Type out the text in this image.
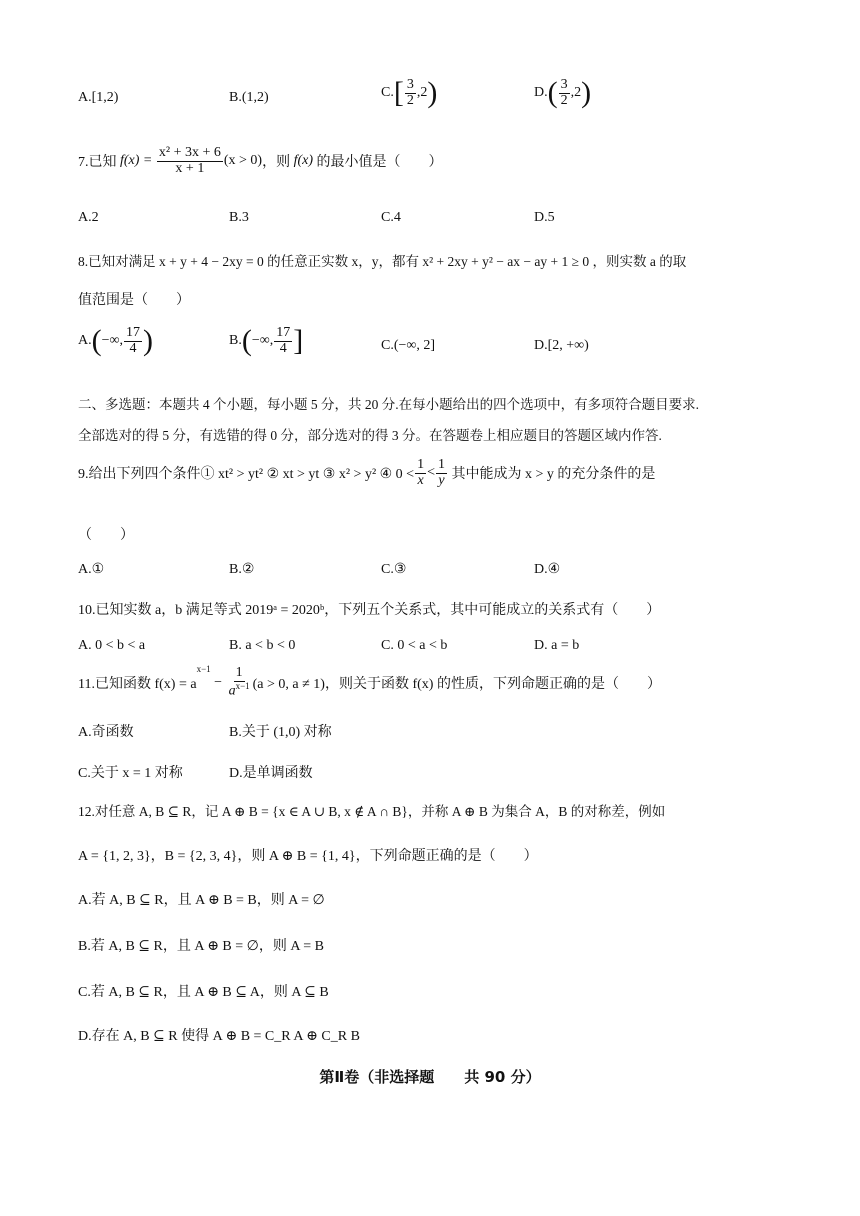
A.[1,2)	B.(1,2)	$C.[ \frac{3}{2} ,2)$	$D.( \frac{3}{2} ,2)$
7.已知 $f(x) = \frac{\text{x² + 3x + 6}}{x + 1} (x > 0)$，则 f(x) 的最小值是（　　）
A.2	B.3	C.4	D.5
8.已知对满足 x + y + 4 − 2xy = 0 的任意正实数 x，y，都有 x² + 2xy + y² − ax − ay + 1 ≥ 0 ，则实数 a 的取
值范围是（　　）
A.(−∞, $\frac{17}{4}$ )	B.(−∞, $\frac{17}{4}$ ]	C.(−∞, 2]	D.[2, +∞)
二、多选题：本题共 4 个小题，每小题 5 分，共 20 分.在每小题给出的四个选项中，有多项符合题目要求.
全部选对的得 5 分，有选错的得 0 分，部分选对的得 3 分。在答题卷上相应题目的答题区域内作答.
9.给出下列四个条件① xt² > yt² ② xt > yt ③ x² > y² ④ $0 < \frac{1}{x} < \frac{1}{y}$ 其中能成为 x > y 的充分条件的是
（　　）
A.①	B.②	C.③	D.④
10.已知实数 a，b 满足等式 2019ᵃ = 2020ᵇ，下列五个关系式，其中可能成立的关系式有（　　）
A. 0 < b < a	B. a < b < 0	C. 0 < a < b	D. a = b
11.已知函数 $f(x) = a^{x-1} - \frac{1}{a^{x-1}} (a > 0$, a ≠ 1)，则关于函数 f(x) 的性质，下列命题正确的是（　　）
A.奇函数	B.关于 (1,0) 对称
C.关于 x = 1 对称	D.是单调函数
12.对任意 A, B ⊆ R，记 A ⊕ B = {x ∈ A ∪ B, x ∉ A ∩ B}，并称 A ⊕ B 为集合 A，B 的对称差，例如
A = {1, 2, 3}，B = {2, 3, 4}，则 A ⊕ B = {1, 4}，下列命题正确的是（　　）
A.若 A, B ⊆ R，且 A ⊕ B = B，则 A = ∅
B.若 A, B ⊆ R，且 A ⊕ B = ∅，则 A = B
C.若 A, B ⊆ R，且 A ⊕ B ⊆ A，则 A ⊆ B
D.存在 A, B ⊆ R 使得 A ⊕ B = C_R A ⊕ C_R B
第Ⅱ卷（非选择题　　共 90 分）
